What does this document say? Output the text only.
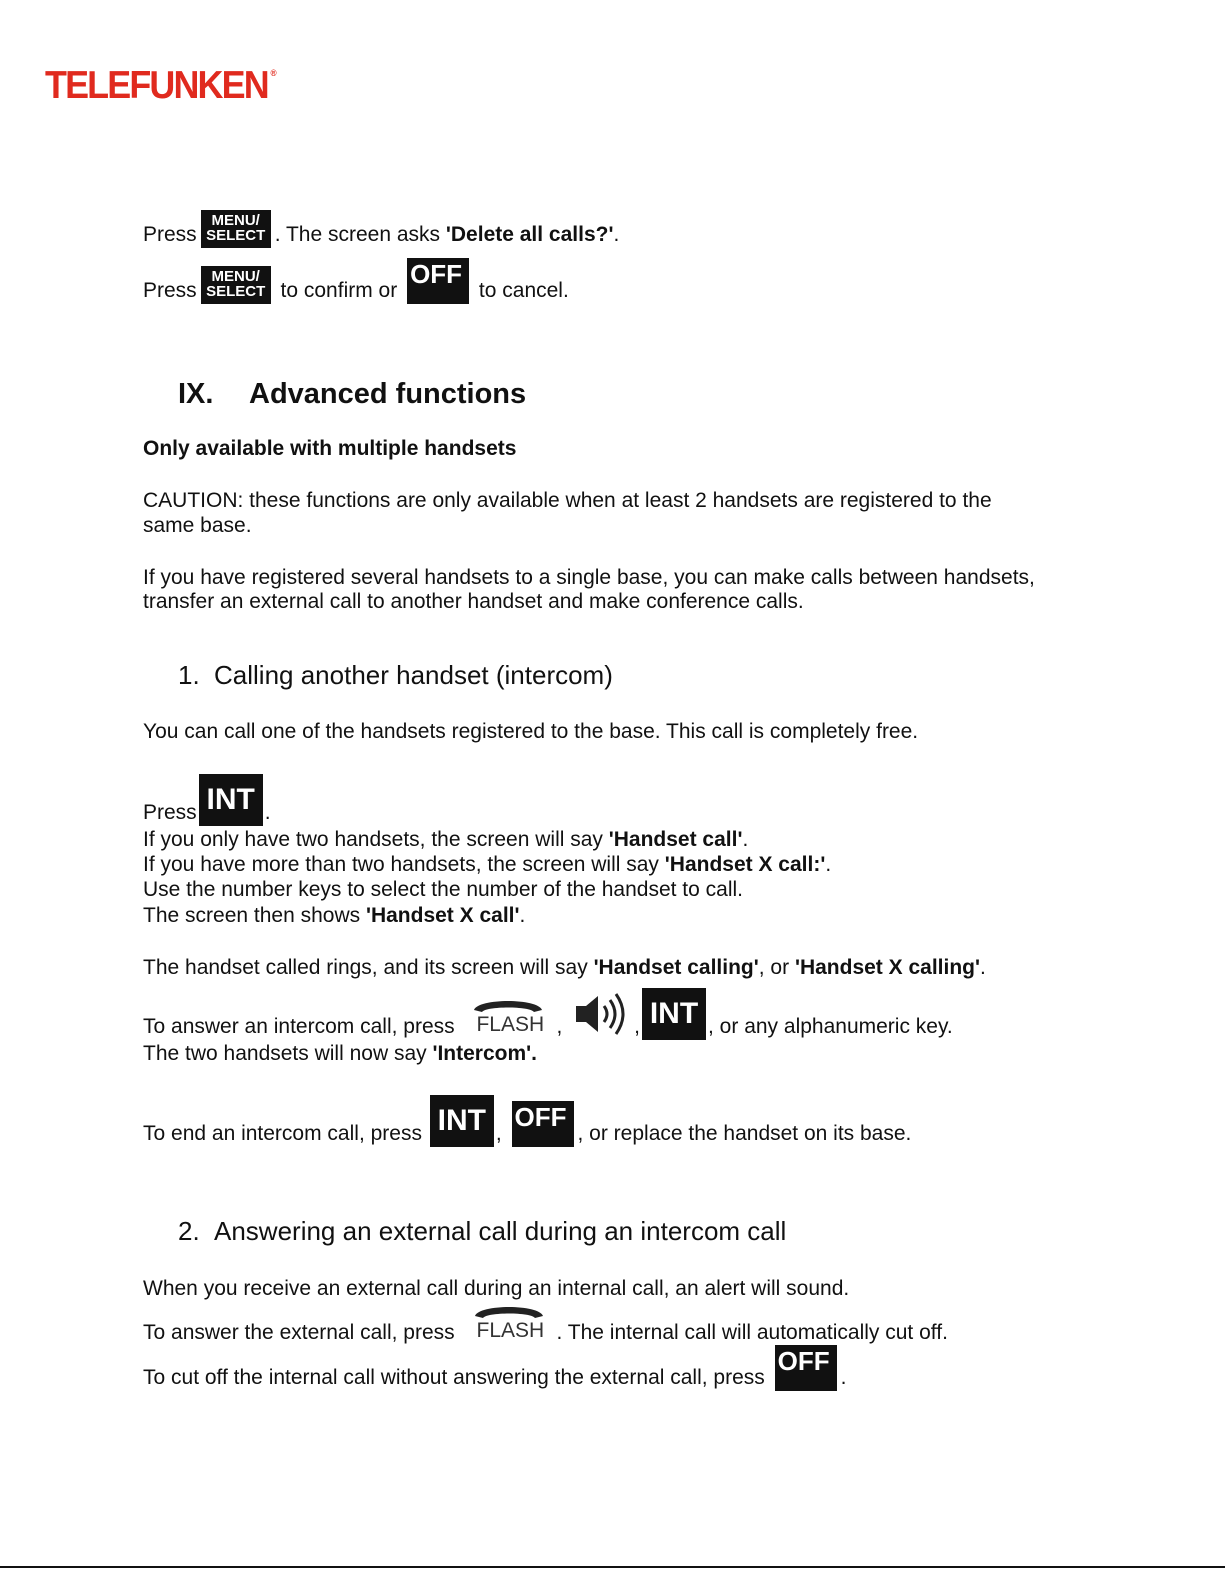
TELEFUNKEN ®
Press
MENU/
SELECT . The screen asks 'Delete all calls?'.
Press
MENU/
SELECT to confirm or OFF to cancel.
IX. Advanced functions
Only available with multiple handsets
CAUTION: these functions are only available when at least 2 handsets are registered to the
same base.
If you have registered several handsets to a single base, you can make calls between handsets,
transfer an external call to another handset and make conference calls.
1. Calling another handset (intercom)
You can call one of the handsets registered to the base. This call is completely free.
Press INT .
If you only have two handsets, the screen will say 'Handset call'.
If you have more than two handsets, the screen will say 'Handset X call:'.
Use the number keys to select the number of the handset to call.
The screen then shows 'Handset X call'.
The handset called rings, and its screen will say 'Handset calling', or 'Handset X calling'.
To answer an intercom call, press FLASH ,	, INT , or any alphanumeric key.
The two handsets will now say 'Intercom'.
To end an intercom call, press INT , OFF, or replace the handset on its base.
2. Answering an external call during an intercom call
When you receive an external call during an internal call, an alert will sound.
To answer the external call, press FLASH . The internal call will automatically cut off.
To cut off the internal call without answering the external call, press OFF.
